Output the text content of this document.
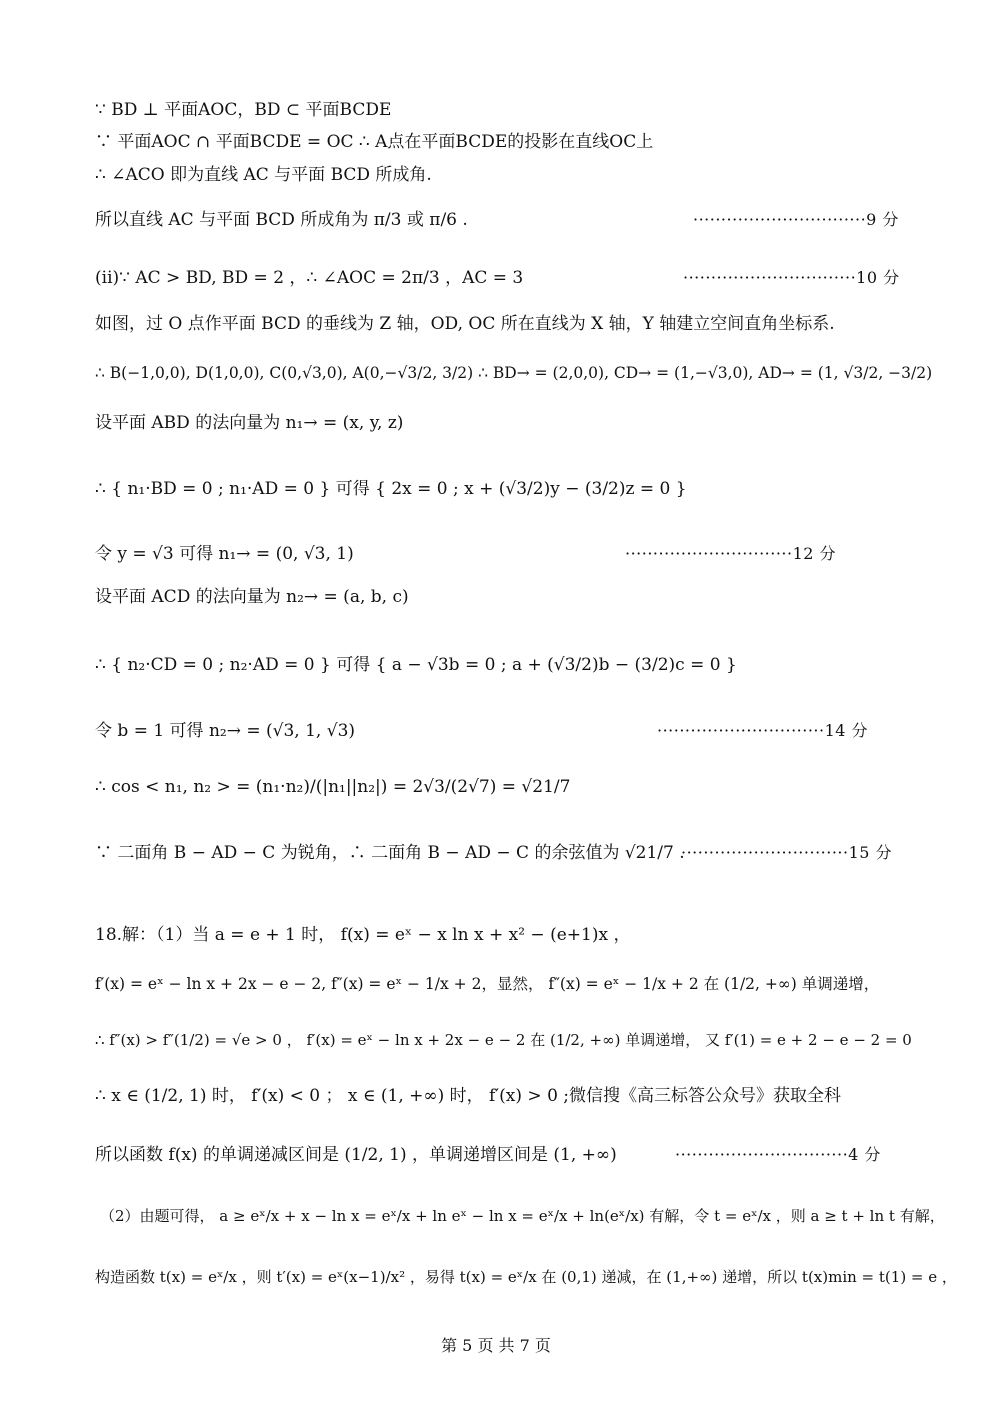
∵ BD ⊥ 平面AOC，BD ⊂ 平面BCDE
∵ 平面AOC ∩ 平面BCDE = OC ∴ A点在平面BCDE的投影在直线OC上
∴ ∠ACO 即为直线 AC 与平面 BCD 所成角.
所以直线 AC 与平面 BCD 所成角为 π/3 或 π/6 .	·······························9 分
(ii)∵ AC > BD, BD = 2 ，∴ ∠AOC = 2π/3 ，AC = 3	·······························10 分
如图，过 O 点作平面 BCD 的垂线为 Z 轴，OD, OC 所在直线为 X 轴，Y 轴建立空间直角坐标系.
∴ B(−1,0,0), D(1,0,0), C(0,√3,0), A(0,−√3/2, 3/2) ∴ BD→ = (2,0,0), CD→ = (1,−√3,0), AD→ = (1, √3/2, −3/2)
设平面 ABD 的法向量为 n₁→ = (x, y, z)
∴ { n₁·BD = 0 ; n₁·AD = 0 } 可得 { 2x = 0 ; x + (√3/2)y − (3/2)z = 0 }
令 y = √3 可得 n₁→ = (0, √3, 1)	······························12 分
设平面 ACD 的法向量为 n₂→ = (a, b, c)
∴ { n₂·CD = 0 ; n₂·AD = 0 } 可得 { a − √3b = 0 ; a + (√3/2)b − (3/2)c = 0 }
令 b = 1 可得 n₂→ = (√3, 1, √3)	······························14 分
∴ cos < n₁, n₂ > = (n₁·n₂)/(|n₁||n₂|) = 2√3/(2√7) = √21/7
∵ 二面角 B − AD − C 为锐角，∴ 二面角 B − AD − C 的余弦值为 √21/7 .
······························15 分
18.解：（1）当 a = e + 1 时， f(x) = eˣ − x ln x + x² − (e+1)x ，
f′(x) = eˣ − ln x + 2x − e − 2, f″(x) = eˣ − 1/x + 2，显然， f″(x) = eˣ − 1/x + 2 在 (1/2, +∞) 单调递增，
∴ f″(x) > f″(1/2) = √e > 0 ， f′(x) = eˣ − ln x + 2x − e − 2 在 (1/2, +∞) 单调递增， 又 f′(1) = e + 2 − e − 2 = 0
∴ x ∈ (1/2, 1) 时， f′(x) < 0 ； x ∈ (1, +∞) 时， f′(x) > 0 ;微信搜《高三标答公众号》获取全科
所以函数 f(x) 的单调递减区间是 (1/2, 1) ，单调递增区间是 (1, +∞)	·······························4 分
（2）由题可得， a ≥ eˣ/x + x − ln x = eˣ/x + ln eˣ − ln x = eˣ/x + ln(eˣ/x) 有解，令 t = eˣ/x ，则 a ≥ t + ln t 有解，
构造函数 t(x) = eˣ/x ，则 t′(x) = eˣ(x−1)/x² ，易得 t(x) = eˣ/x 在 (0,1) 递减，在 (1,+∞) 递增，所以 t(x)min = t(1) = e ，
第 5 页 共 7 页
